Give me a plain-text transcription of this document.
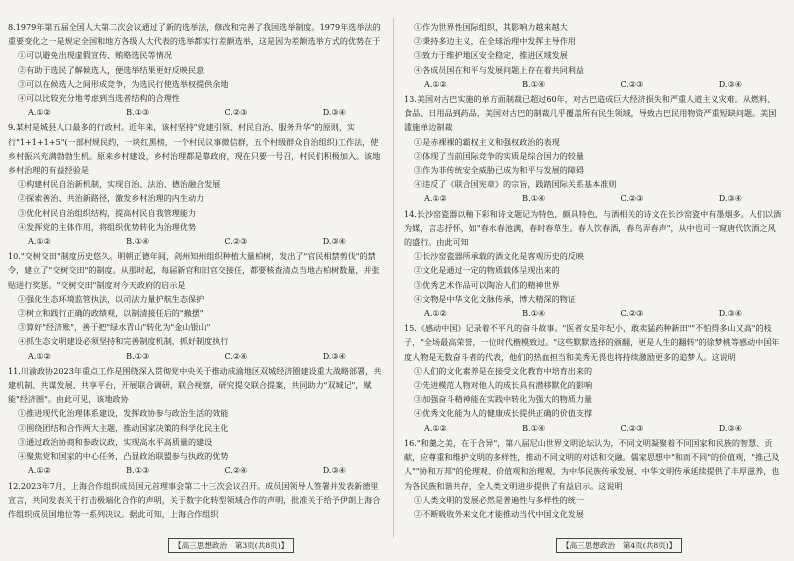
8.1979年第五届全国人大第二次会议通过了新的选举法，修改和完善了我国选举制度。1979年选举法的重要变化之一是规定全国和地方各级人大代表的选举都实行差额选举，这是因为差额选举方式的优势在于
①可以避免出现虚假宣传、贿赂选民等情况
②有助于选民了解候选人，便选举结果更好反映民意
③可以在候选人之间形成竞争，为选民行使选举权提供余地
④可以比较充分地考虑到当选者结构的合理性
A.①②	B.①③	C.②③	D.③④
9.某村是城县人口最多的行政村。近年来，该村坚持"党建引领、村民自治、服务升华"的原则，实行"1+1+1+5"(一部村规民约，一块红黑榜，一个村民议事微信群，五个村级群众自治组织)工作法，使乡村振兴充满勃勃生机。原来乡村建设，乡村治理都是靠政府，现在只要一号召，村民们积极加入。该地乡村治理的有益经验是
①构建村民自治新机制，实现自治、法治、德治融合发展
②探索善治、共治新路径，激发乡村治理的内生动力
③优化村民自治组织结构，提高村民自我管理能力
④发挥党的主体作用，将组织优势转化为治理优势
A.①②	B.①④	C.②③	D.③④
10."交树交田"制度历史悠久。明朝正德年间，剑州知州组织种植大量柏树，发出了"官民相禁剪伐"的禁令，建立了"交树交田"的制度。从那时起，每届新官和旧官交接任，都要核查清点当地古柏树数量，并张贴进行奖惩。"交树交田"制度对今天政府的启示是
①强化生态环境监管执法，以司法力量护航生态保护
②树立和践行正确的政绩观，以制清接任后的"撤摆"
③算好"经济账"，善于把"绿水青山"转化为"金山银山"
④抓生态文明建设必须坚持和完善制度机制，抓好制度执行
A.①②	B.①③	C.②④	D.③④
11.川渝政协2023年重点工作是围绕深入贯彻党中央关于推动成渝地区双城经济圈建设重大战略部署，共建机制、共谋发展、共享平台，开展联合调研，联合视察，研究提交联合提案，共同助力"双城记"，赋能"经济圈"。由此可见，该地政协
①推进现代化治理体系建设，发挥政协参与政治生活的效能
②围绕团结和合作两大主题，推动国家决策的科学化民主化
③通过政治协商和参政议政，实现高水平高质量的建设
④聚焦党和国家的中心任务，凸显政治联盟参与执政的优势
A.①②	B.①③	C.②④	D.③④
12.2023年7月，上海合作组织成员国元首理事会第二十三次会议召开。成员国领导人签署并发表新德里宣言，共同发表关于打击极端化合作的声明，关于数字化转型领域合作的声明，批准关于给予伊朗上海合作组织成员国地位等一系列决议。据此可知，上海合作组织
①作为世界性国际组织，其影响力越来越大
②秉持多边主义，在全球治理中发挥主导作用
③致力于维护地区安全稳定，推进区域发展
④各成员国在和平与发展问题上存在着共同利益
A.①②	B.①④	C.②③	D.③④
13.美国对古巴实施的单方面制裁已超过60年，对古巴造成巨大经济损失和严重人道主义灾难。从燃料、食品、日用品到药品，美国对古巴的制裁几乎覆盖所有民生领域，导致古巴民用物资严重短缺问题。美国滥施单边制裁
①是赤裸裸的霸权主义和强权政治的表现
②体现了当前国际竞争的实质是综合国力的较量
③作为非传统安全威胁已成为和平与发展的障碍
④违反了《联合国宪章》的宗旨，践踏国际关系基本准则
A.①②	B.①④	C.②③	D.③④
14.长沙窑瓷器以釉下彩和诗文题记为特色，颇具特色，与酒相关的诗文在长沙窑瓷中有墨烟多。人们以酒为媒，言志抒怀，如"春水春池满，春时春草生。春人饮春酒，春鸟弄春声"，从中也可一窥唐代饮酒之风的盛行。由此可知
①长沙窑瓷器所承载的酒文化是客观历史的反映
②文化是通过一定的物质载体呈现出来的
③优秀艺术作品可以陶冶人们的精神世界
④文物是中华文化文脉传承，博大精深的物证
A.①②	B.①④	C.②③	D.③④
15.《感动中国》记录着不平凡的奋斗故事。"医者女星年纪小，敢卖猛药种新田""不怕得多山又高"的枝子，"全场最高荣誉，一位时代楷模致过。"这些默默选择的颁翻，更是人生的翻转"的徐梦桃等感动中国年度人物是无数奋斗者的代表，他们的热血担当和美秀无畏也将持续激励更多的追梦人。这说明
①人们的文化素养是在接受文化教育中培育出来的
②先进模范人物对他人的成长具有潜移默化的影响
③加强奋斗精神能在实践中转化为强大的物质力量
④优秀文化能为人的健康成长提供正确的价值支撑
A.①②	B.①④	C.②③	D.③④
16."和羹之美，在于合异"，第八届尼山世界文明论坛认为，不同文明凝聚着不同国家和民族的智慧、贡献，应尊重和维护文明的多样性，推动不同文明的对话和交融。儒家思想中"和而不同"的价值观，"推己及人""协和万邦"的伦理观、价值观和治理观，为中华民族传承发展、中华文明传承延续提供了丰厚滋养，也为各民族和谐共存，全人类文明进步提供了有益启示。这说明
①人类文明的发展必然是普遍性与多样性的统一
②不断吸收外来文化才能推动当代中国文化发展
【高三思想政治　第3页(共8页)】	【高三思想政治　第4页(共8页)】
